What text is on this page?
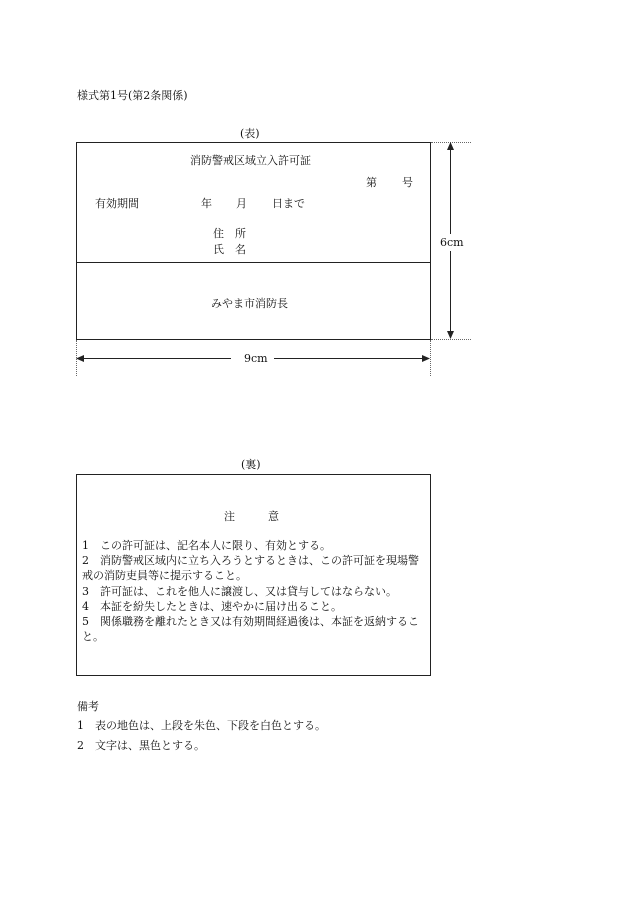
様式第1号(第2条関係)
(表)
消防警戒区域立入許可証
第 号
有効期間	年 月 日まで
住　所
氏　名
みやま市消防長
6cm
9cm
(裏)
注　　　意
1　この許可証は、記名本人に限り、有効とする。
2　消防警戒区域内に立ち入ろうとするときは、この許可証を現場警戒の消防吏員等に提示すること。
3　許可証は、これを他人に譲渡し、又は貸与してはならない。
4　本証を紛失したときは、速やかに届け出ること。
5　関係職務を離れたとき又は有効期間経過後は、本証を返納すること。
備考
1　表の地色は、上段を朱色、下段を白色とする。
2　文字は、黒色とする。
